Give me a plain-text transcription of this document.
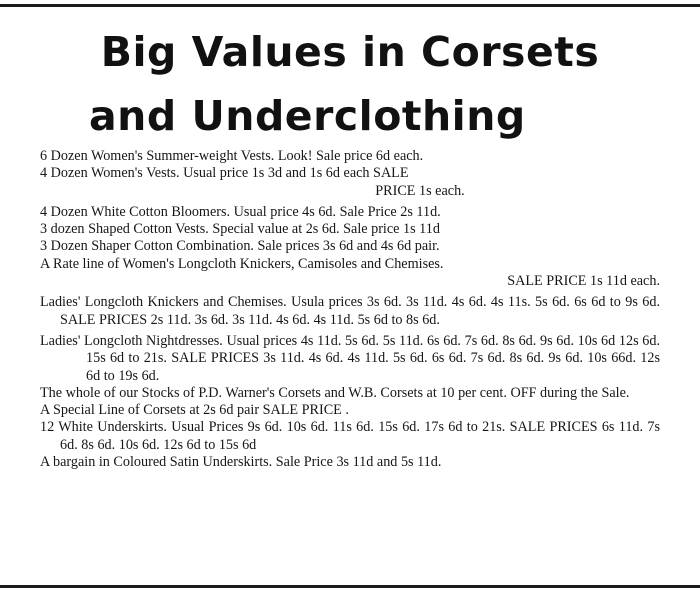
Big Values in Corsets
and Underclothing
6 Dozen Women's Summer-weight Vests. Look! Sale price 6d each.
4 Dozen Women's Vests. Usual price 1s 3d and 1s 6d each SALE
PRICE 1s each.
4 Dozen White Cotton Bloomers. Usual price 4s 6d. Sale Price 2s 11d.
3 dozen Shaped Cotton Vests. Special value at 2s 6d. Sale price 1s 11d
3 Dozen Shaper Cotton Combination. Sale prices 3s 6d and 4s 6d pair.
A Rate line of Women's Longcloth Knickers, Camisoles and Chemises.
SALE PRICE 1s 11d each.
Ladies' Longcloth Knickers and Chemises. Usula prices 3s 6d. 3s 11d. 4s 6d. 4s 11s. 5s 6d. 6s 6d to 9s 6d. SALE PRICES 2s 11d. 3s 6d. 3s 11d. 4s 6d. 4s 11d. 5s 6d to 8s 6d.
Ladies' Longcloth Nightdresses. Usual prices 4s 11d. 5s 6d. 5s 11d. 6s 6d. 7s 6d. 8s 6d. 9s 6d. 10s 6d 12s 6d. 15s 6d to 21s. SALE PRICES 3s 11d. 4s 6d. 4s 11d. 5s 6d. 6s 6d. 7s 6d. 8s 6d. 9s 6d. 10s 66d. 12s 6d to 19s 6d.
The whole of our Stocks of P.D. Warner's Corsets and W.B. Corsets at 10 per cent. OFF during the Sale.
A Special Line of Corsets at 2s 6d pair SALE PRICE .
12 White Underskirts. Usual Prices 9s 6d. 10s 6d. 11s 6d. 15s 6d. 17s 6d to 21s. SALE PRICES 6s 11d. 7s 6d. 8s 6d. 10s 6d. 12s 6d to 15s 6d
A bargain in Coloured Satin Underskirts. Sale Price 3s 11d and 5s 11d.
